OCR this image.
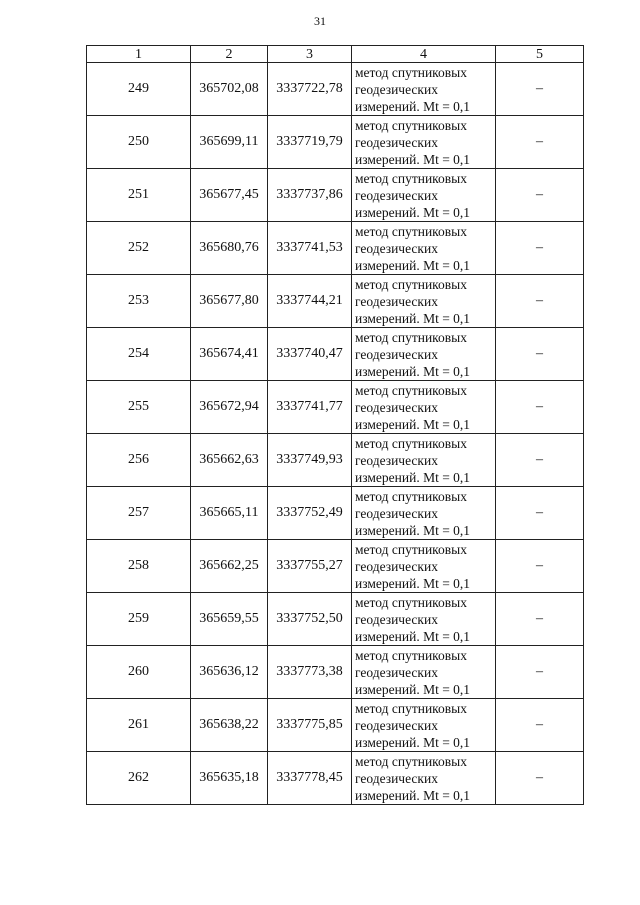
31
1	2	3	4	5
249	365702,08	3337722,78	метод спутниковых
геодезических
измерений. Mt = 0,1	–
250	365699,11	3337719,79	метод спутниковых
геодезических
измерений. Mt = 0,1	–
251	365677,45	3337737,86	метод спутниковых
геодезических
измерений. Mt = 0,1	–
252	365680,76	3337741,53	метод спутниковых
геодезических
измерений. Mt = 0,1	–
253	365677,80	3337744,21	метод спутниковых
геодезических
измерений. Mt = 0,1	–
254	365674,41	3337740,47	метод спутниковых
геодезических
измерений. Mt = 0,1	–
255	365672,94	3337741,77	метод спутниковых
геодезических
измерений. Mt = 0,1	–
256	365662,63	3337749,93	метод спутниковых
геодезических
измерений. Mt = 0,1	–
257	365665,11	3337752,49	метод спутниковых
геодезических
измерений. Mt = 0,1	–
258	365662,25	3337755,27	метод спутниковых
геодезических
измерений. Mt = 0,1	–
259	365659,55	3337752,50	метод спутниковых
геодезических
измерений. Mt = 0,1	–
260	365636,12	3337773,38	метод спутниковых
геодезических
измерений. Mt = 0,1	–
261	365638,22	3337775,85	метод спутниковых
геодезических
измерений. Mt = 0,1	–
262	365635,18	3337778,45	метод спутниковых
геодезических
измерений. Mt = 0,1	–
